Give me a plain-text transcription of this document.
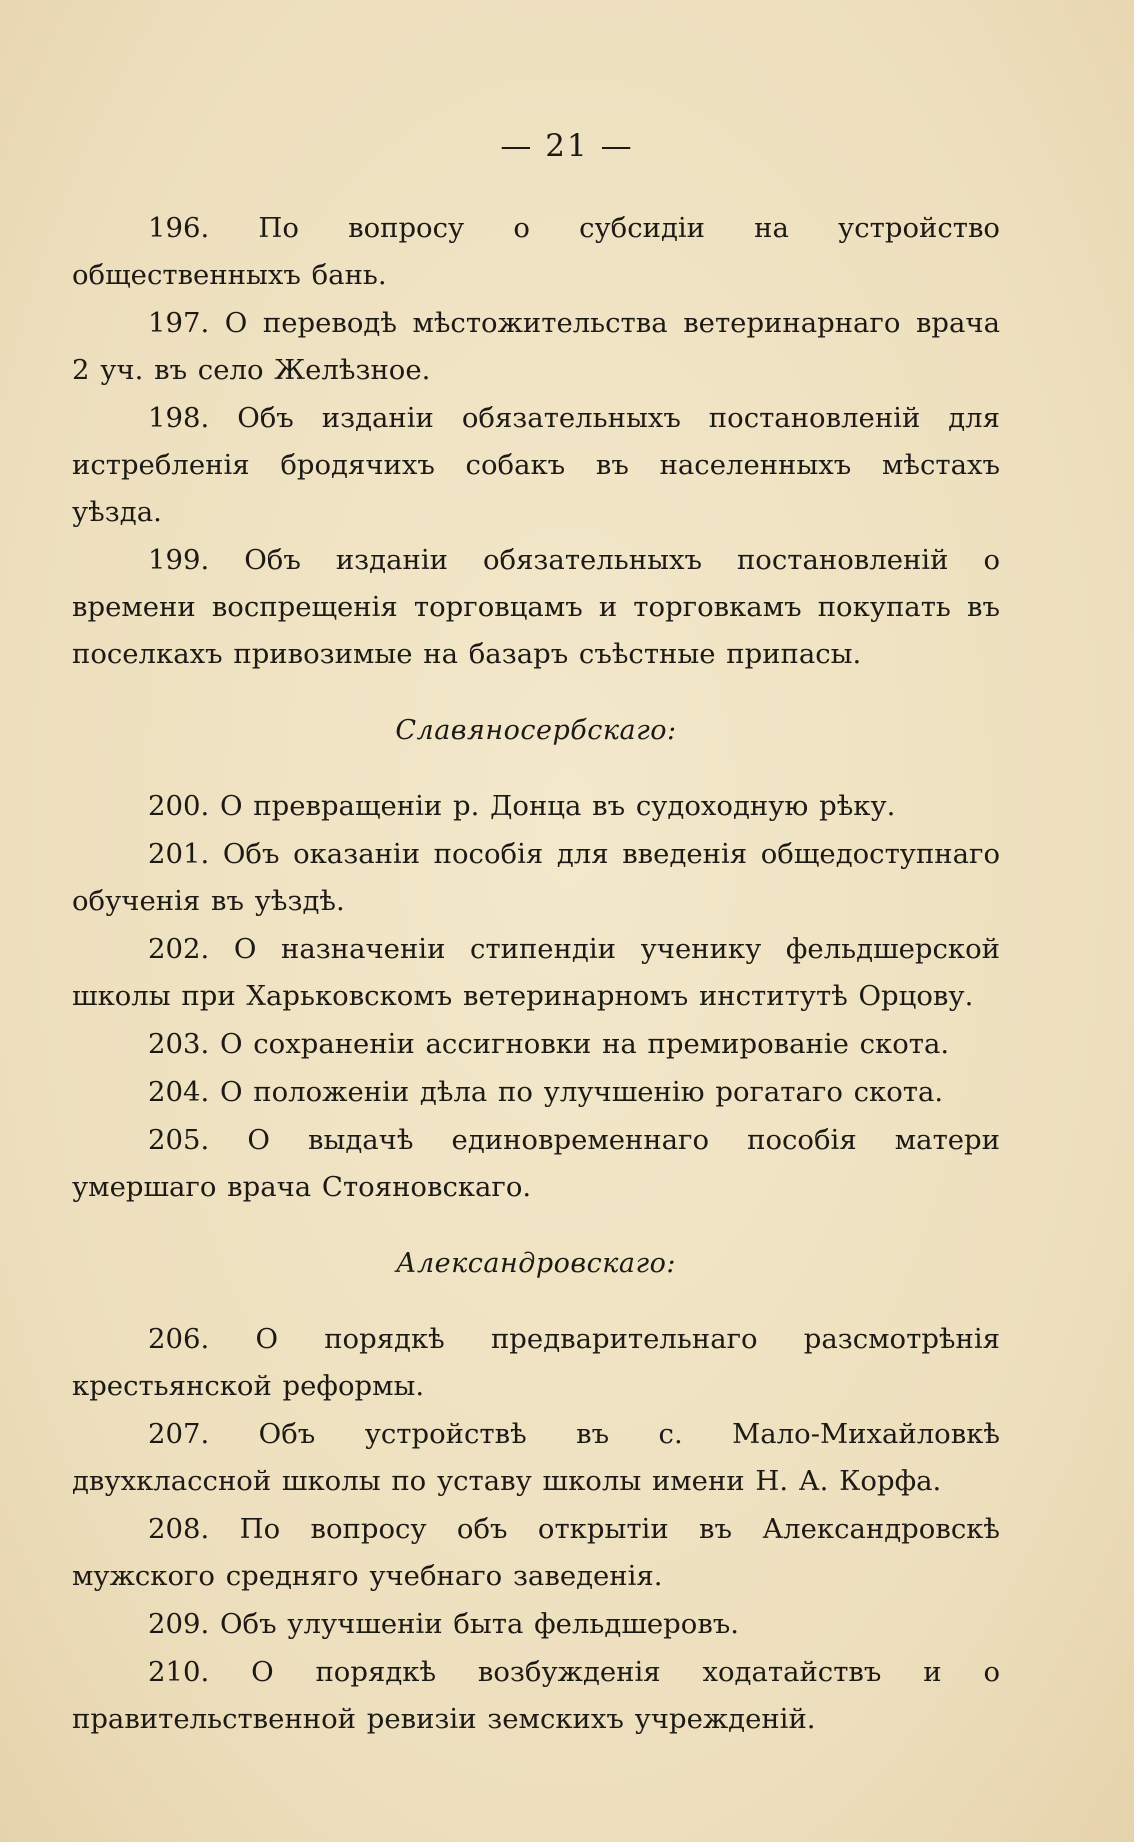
— 21 —

196. По вопросу о субсидіи на устройство общественныхъ бань.

197. О переводѣ мѣстожительства ветеринарнаго врача 2 уч. въ село Желѣзное.

198. Объ изданіи обязательныхъ постановленій для истребленія бродячихъ собакъ въ населенныхъ мѣстахъ уѣзда.

199. Объ изданіи обязательныхъ постановленій о времени воспрещенія торговцамъ и торговкамъ покупать въ поселкахъ привозимые на базаръ съѣстные припасы.

Славяносербскаго:

200. О превращеніи р. Донца въ судоходную рѣку.

201. Объ оказаніи пособія для введенія общедоступнаго обученія въ уѣздѣ.

202. О назначеніи стипендіи ученику фельдшерской школы при Харьковскомъ ветеринарномъ институтѣ Орцову.

203. О сохраненіи ассигновки на премированіе скота.

204. О положеніи дѣла по улучшенію рогатаго скота.

205. О выдачѣ единовременнаго пособія матери умершаго врача Стояновскаго.

Александровскаго:

206. О порядкѣ предварительнаго разсмотрѣнія крестьянской реформы.

207. Объ устройствѣ въ с. Мало-Михайловкѣ двухклассной школы по уставу школы имени Н. А. Корфа.

208. По вопросу объ открытіи въ Александровскѣ мужского средняго учебнаго заведенія.

209. Объ улучшеніи быта фельдшеровъ.

210. О порядкѣ возбужденія ходатайствъ и о правительственной ревизіи земскихъ учрежденій.
